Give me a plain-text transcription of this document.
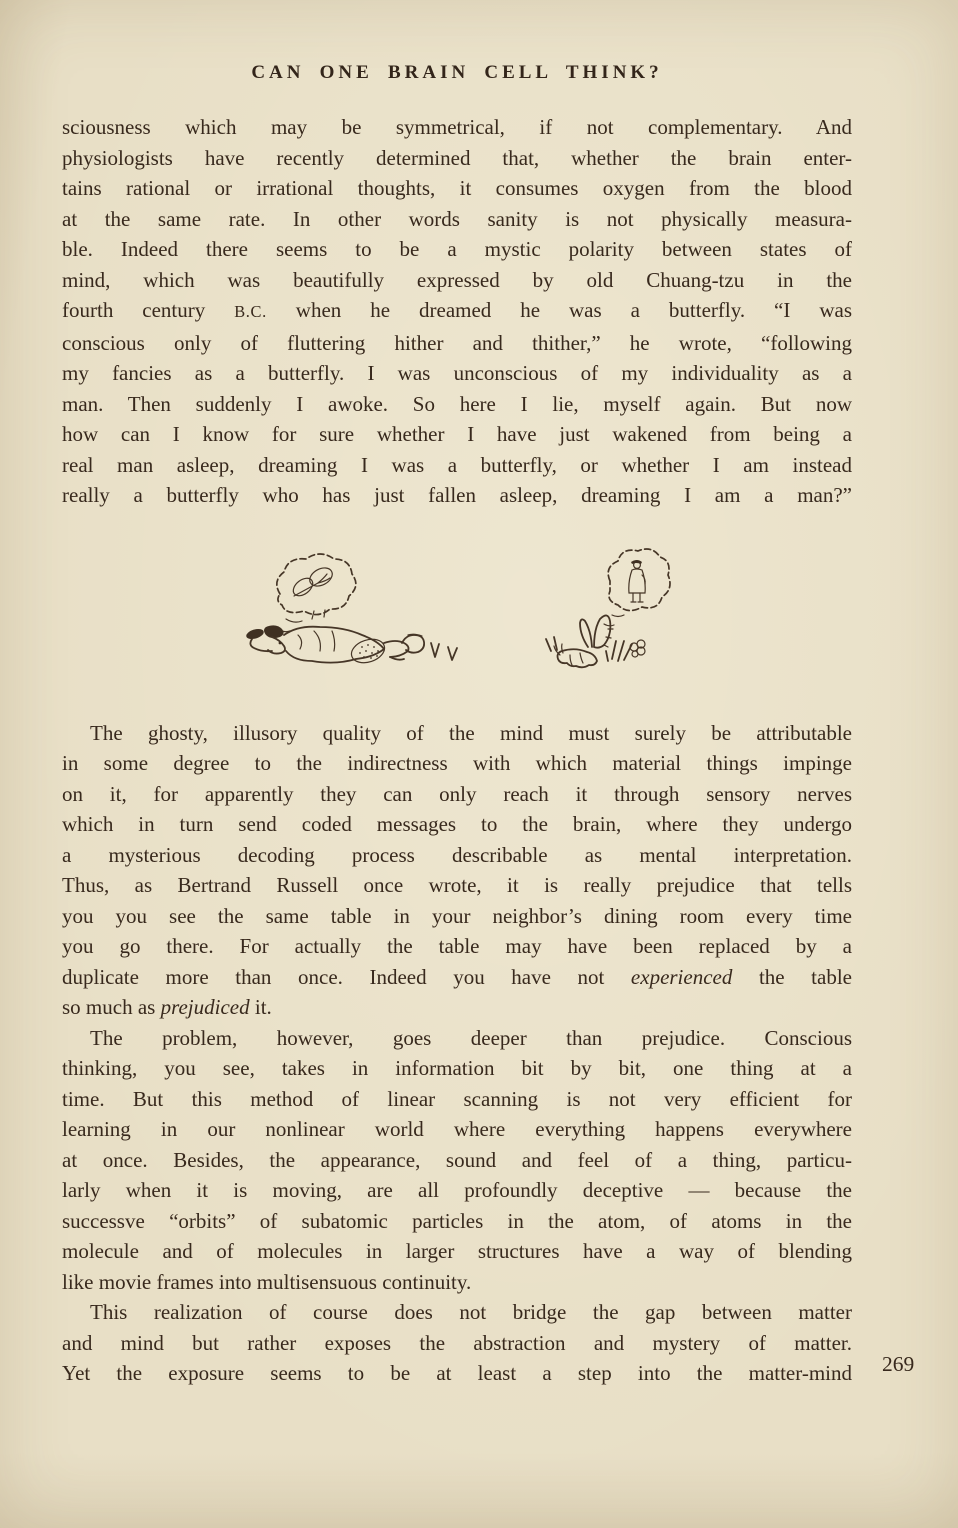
CAN ONE BRAIN CELL THINK?
sciousness which may be symmetrical, if not complementary. And
physiologists have recently determined that, whether the brain enter-
tains rational or irrational thoughts, it consumes oxygen from the blood
at the same rate. In other words sanity is not physically measura-
ble. Indeed there seems to be a mystic polarity between states of
mind, which was beautifully expressed by old Chuang-tzu in the
fourth century B.C. when he dreamed he was a butterfly. “I was
conscious only of fluttering hither and thither,” he wrote, “following
my fancies as a butterfly. I was unconscious of my individuality as a
man. Then suddenly I awoke. So here I lie, myself again. But now
how can I know for sure whether I have just wakened from being a
real man asleep, dreaming I was a butterfly, or whether I am instead
really a butterfly who has just fallen asleep, dreaming I am a man?”
The ghosty, illusory quality of the mind must surely be attributable
in some degree to the indirectness with which material things impinge
on it, for apparently they can only reach it through sensory nerves
which in turn send coded messages to the brain, where they undergo
a mysterious decoding process describable as mental interpretation.
Thus, as Bertrand Russell once wrote, it is really prejudice that tells
you you see the same table in your neighbor’s dining room every time
you go there. For actually the table may have been replaced by a
duplicate more than once. Indeed you have not experienced the table
so much as prejudiced it.
The problem, however, goes deeper than prejudice. Conscious
thinking, you see, takes in information bit by bit, one thing at a
time. But this method of linear scanning is not very efficient for
learning in our nonlinear world where everything happens everywhere
at once. Besides, the appearance, sound and feel of a thing, particu-
larly when it is moving, are all profoundly deceptive — because the
successve “orbits” of subatomic particles in the atom, of atoms in the
molecule and of molecules in larger structures have a way of blending
like movie frames into multisensuous continuity.
This realization of course does not bridge the gap between matter
and mind but rather exposes the abstraction and mystery of matter.
Yet the exposure seems to be at least a step into the matter-mind 269
